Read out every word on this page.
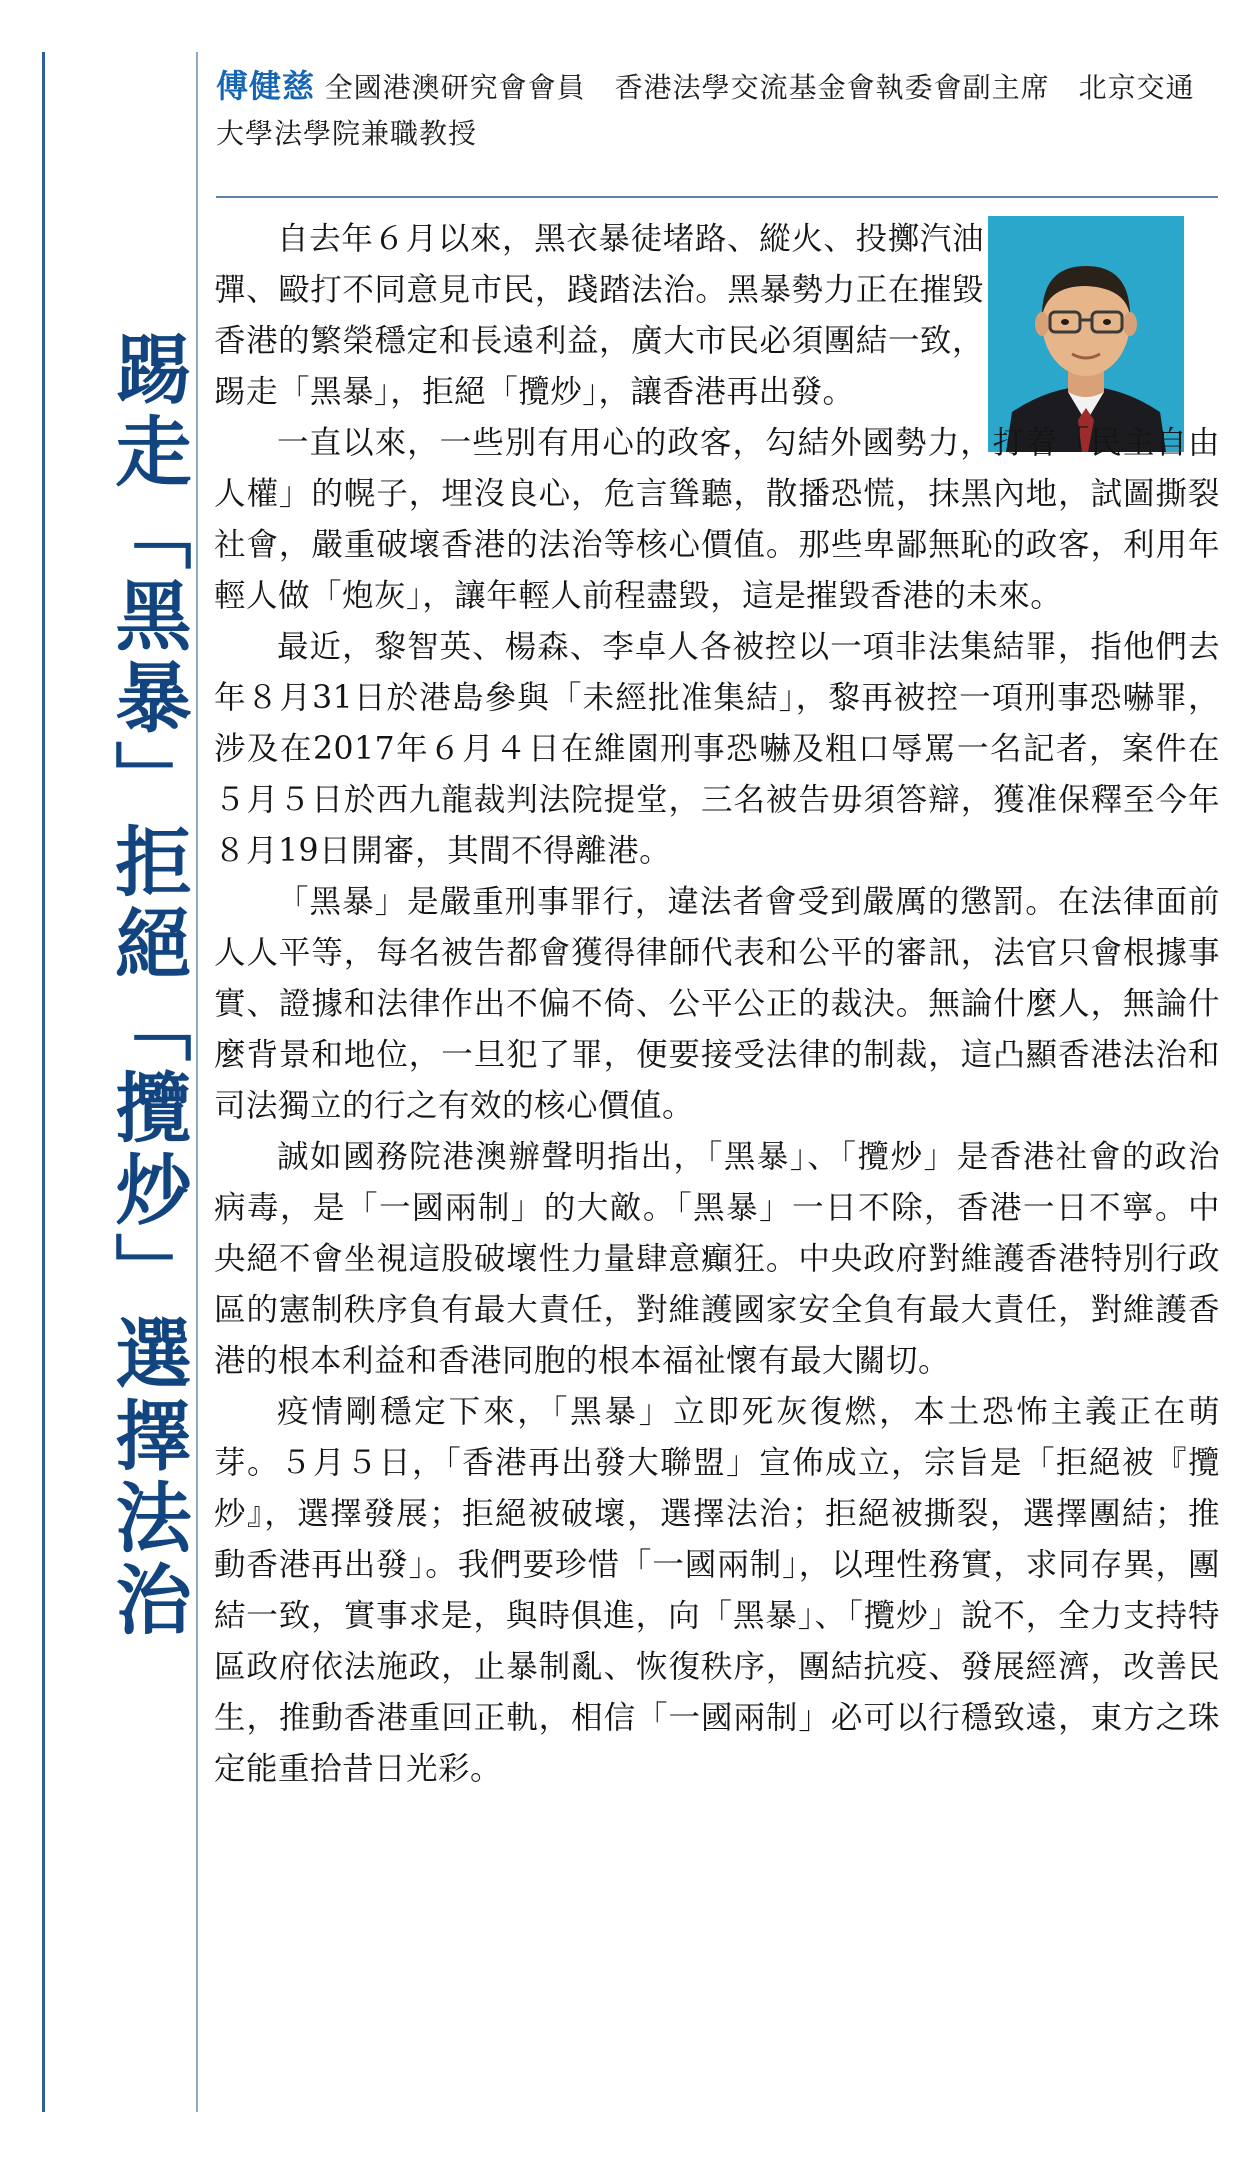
踢走「黑暴」拒絕「攬炒」選擇法治
傅健慈 全國港澳研究會會員　香港法學交流基金會執委會副主席　北京交通大學法學院兼職教授

自去年６月以來，黑衣暴徒堵路、縱火、投擲汽油彈、毆打不同意見市民，踐踏法治。黑暴勢力正在摧毀香港的繁榮穩定和長遠利益，廣大市民必須團結一致，踢走「黑暴」，拒絕「攬炒」，讓香港再出發。

一直以來，一些別有用心的政客，勾結外國勢力，打着「民主自由人權」的幌子，埋沒良心，危言聳聽，散播恐慌，抹黑內地，試圖撕裂社會，嚴重破壞香港的法治等核心價值。那些卑鄙無恥的政客，利用年輕人做「炮灰」，讓年輕人前程盡毀，這是摧毀香港的未來。

最近，黎智英、楊森、李卓人各被控以一項非法集結罪，指他們去年８月31日於港島參與「未經批准集結」，黎再被控一項刑事恐嚇罪，涉及在2017年６月４日在維園刑事恐嚇及粗口辱罵一名記者，案件在５月５日於西九龍裁判法院提堂，三名被告毋須答辯，獲准保釋至今年８月19日開審，其間不得離港。

「黑暴」是嚴重刑事罪行，違法者會受到嚴厲的懲罰。在法律面前人人平等，每名被告都會獲得律師代表和公平的審訊，法官只會根據事實、證據和法律作出不偏不倚、公平公正的裁決。無論什麼人，無論什麼背景和地位，一旦犯了罪，便要接受法律的制裁，這凸顯香港法治和司法獨立的行之有效的核心價值。

誠如國務院港澳辦聲明指出，「黑暴」、「攬炒」是香港社會的政治病毒，是「一國兩制」的大敵。「黑暴」一日不除，香港一日不寧。中央絕不會坐視這股破壞性力量肆意癲狂。中央政府對維護香港特別行政區的憲制秩序負有最大責任，對維護國家安全負有最大責任，對維護香港的根本利益和香港同胞的根本福祉懷有最大關切。

疫情剛穩定下來，「黑暴」立即死灰復燃，本土恐怖主義正在萌芽。５月５日，「香港再出發大聯盟」宣佈成立，宗旨是「拒絕被『攬炒』，選擇發展；拒絕被破壞，選擇法治；拒絕被撕裂，選擇團結；推動香港再出發」。我們要珍惜「一國兩制」，以理性務實，求同存異，團結一致，實事求是，與時俱進，向「黑暴」、「攬炒」說不，全力支持特區政府依法施政，止暴制亂、恢復秩序，團結抗疫、發展經濟，改善民生，推動香港重回正軌，相信「一國兩制」必可以行穩致遠，東方之珠定能重拾昔日光彩。
